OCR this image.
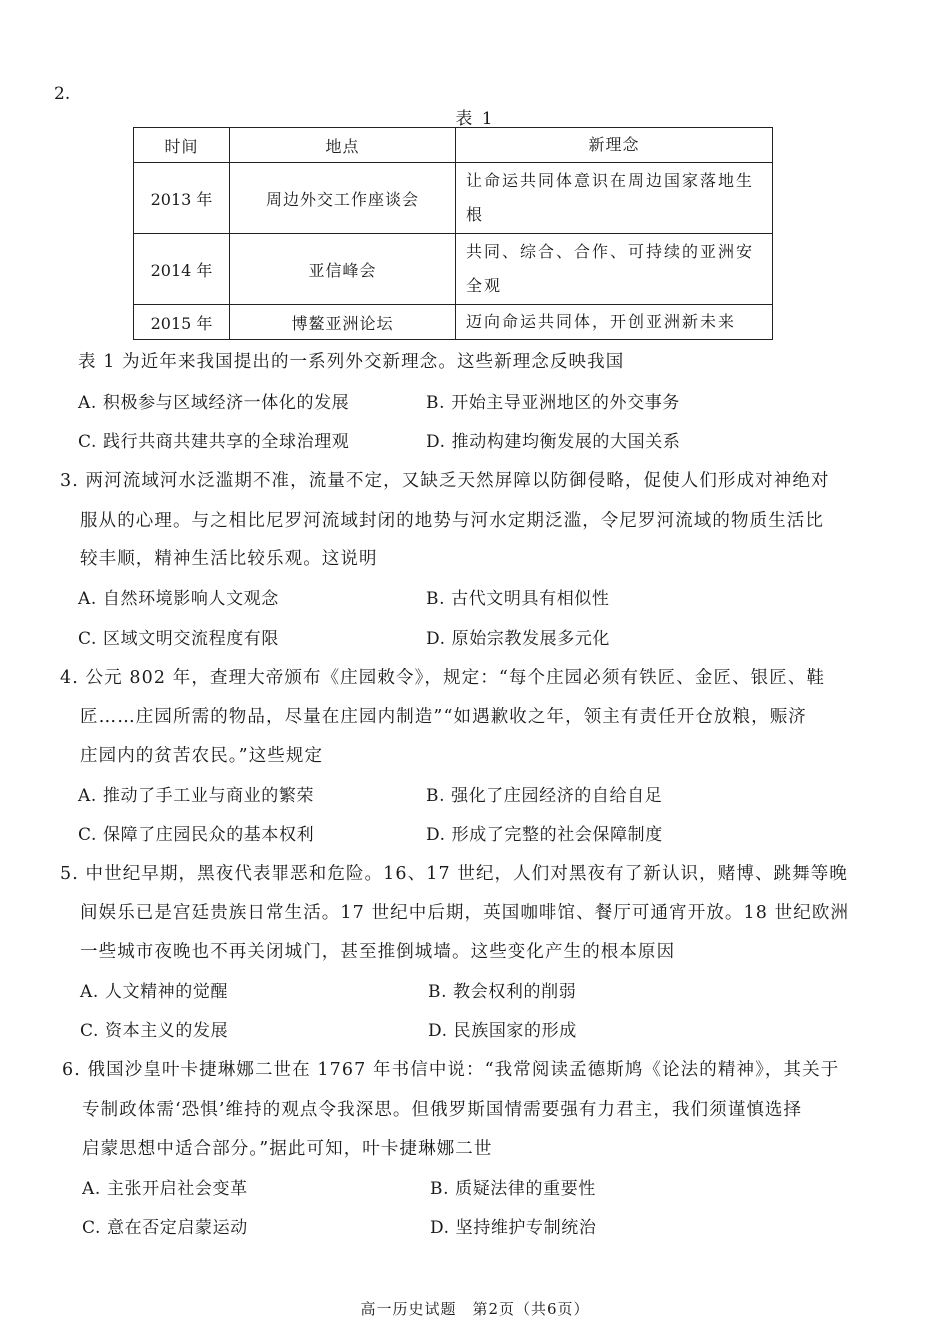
2.
表 1
时间	地点	新理念
2013 年	周边外交工作座谈会	让命运共同体意识在周边国家落地生根
2014 年	亚信峰会	共同、综合、合作、可持续的亚洲安全观
2015 年	博鳌亚洲论坛	迈向命运共同体，开创亚洲新未来
表 1 为近年来我国提出的一系列外交新理念。这些新理念反映我国
A. 积极参与区域经济一体化的发展	B. 开始主导亚洲地区的外交事务
C. 践行共商共建共享的全球治理观	D. 推动构建均衡发展的大国关系
3. 两河流域河水泛滥期不准，流量不定，又缺乏天然屏障以防御侵略，促使人们形成对神绝对
服从的心理。与之相比尼罗河流域封闭的地势与河水定期泛滥，令尼罗河流域的物质生活比
较丰顺，精神生活比较乐观。这说明
A. 自然环境影响人文观念	B. 古代文明具有相似性
C. 区域文明交流程度有限	D. 原始宗教发展多元化
4. 公元 802 年，查理大帝颁布《庄园敕令》，规定：“每个庄园必须有铁匠、金匠、银匠、鞋
匠……庄园所需的物品，尽量在庄园内制造”“如遇歉收之年，领主有责任开仓放粮，赈济
庄园内的贫苦农民。”这些规定
A. 推动了手工业与商业的繁荣	B. 强化了庄园经济的自给自足
C. 保障了庄园民众的基本权利	D. 形成了完整的社会保障制度
5. 中世纪早期，黑夜代表罪恶和危险。16、17 世纪，人们对黑夜有了新认识，赌博、跳舞等晚
间娱乐已是宫廷贵族日常生活。17 世纪中后期，英国咖啡馆、餐厅可通宵开放。18 世纪欧洲
一些城市夜晚也不再关闭城门，甚至推倒城墙。这些变化产生的根本原因
A. 人文精神的觉醒	B. 教会权利的削弱
C. 资本主义的发展	D. 民族国家的形成
6. 俄国沙皇叶卡捷琳娜二世在 1767 年书信中说：“我常阅读孟德斯鸠《论法的精神》，其关于
专制政体需‘恐惧’维持的观点令我深思。但俄罗斯国情需要强有力君主，我们须谨慎选择
启蒙思想中适合部分。”据此可知，叶卡捷琳娜二世
A. 主张开启社会变革	B. 质疑法律的重要性
C. 意在否定启蒙运动	D. 坚持维护专制统治
高一历史试题　第2页（共6页）
